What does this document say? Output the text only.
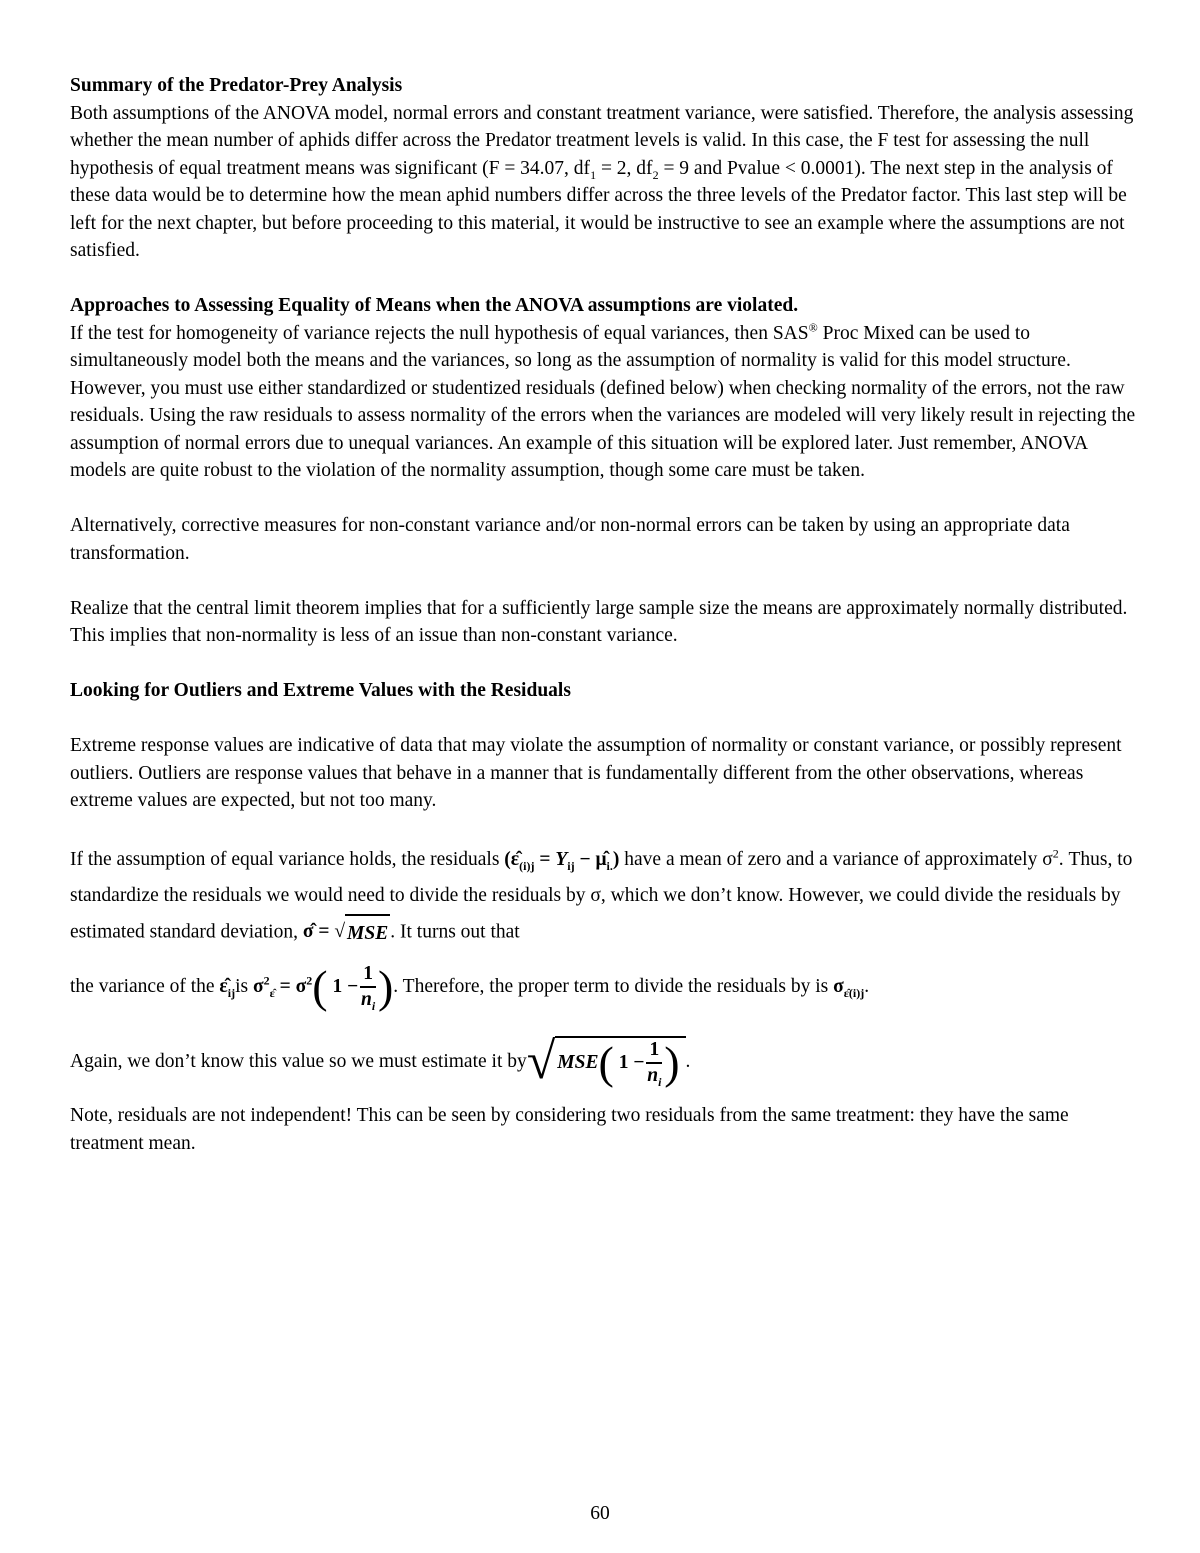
Summary of the Predator-Prey Analysis

Both assumptions of the ANOVA model, normal errors and constant treatment variance, were satisfied. Therefore, the analysis assessing whether the mean number of aphids differ across the Predator treatment levels is valid. In this case, the F test for assessing the null hypothesis of equal treatment means was significant (F = 34.07, $df_1 = 2$, $df_2 = 9$ and Pvalue < 0.0001). The next step in the analysis of these data would be to determine how the mean aphid numbers differ across the three levels of the Predator factor. This last step will be left for the next chapter, but before proceeding to this material, it would be instructive to see an example where the assumptions are not satisfied.

Approaches to Assessing Equality of Means when the ANOVA assumptions are violated.

If the test for homogeneity of variance rejects the null hypothesis of equal variances, then SAS® Proc Mixed can be used to simultaneously model both the means and the variances, so long as the assumption of normality is valid for this model structure. However, you must use either standardized or studentized residuals (defined below) when checking normality of the errors, not the raw residuals. Using the raw residuals to assess normality of the errors when the variances are modeled will very likely result in rejecting the assumption of normal errors due to unequal variances. An example of this situation will be explored later. Just remember, ANOVA models are quite robust to the violation of the normality assumption, though some care must be taken.

Alternatively, corrective measures for non-constant variance and/or non-normal errors can be taken by using an appropriate data transformation.

Realize that the central limit theorem implies that for a sufficiently large sample size the means are approximately normally distributed. This implies that non-normality is less of an issue than non-constant variance.

Looking for Outliers and Extreme Values with the Residuals

Extreme response values are indicative of data that may violate the assumption of normality or constant variance, or possibly represent outliers. Outliers are response values that behave in a manner that is fundamentally different from the other observations, whereas extreme values are expected, but not too many.

If the assumption of equal variance holds, the residuals ($\varepsilon̂_{(i)j} = Y_{ij}$ − $\mû_{i.}$) have a mean of zero and a variance of approximately $\sigma^2$. Thus, to standardize the residuals we would need to divide the residuals by σ, which we don’t know. However, we could divide the residuals by estimated standard deviation, σ̂ = √ MSE . It turns out that

the variance of the $\varepsilon̂_{ij}$ is $\sigma^2_{\varepsilon̂} = \sigma^2$ ( $1 - \frac{1}{n_i}$ ) . Therefore, the proper term to divide the residuals by is $\sigma_{\varepsilon̂(i)j}$ .
Again, we don’t know this value so we must estimate it by √ MSE ( $1 - \frac{1}{n_i}$ ) .

Note, residuals are not independent! This can be seen by considering two residuals from the same treatment: they have the same treatment mean.

60
